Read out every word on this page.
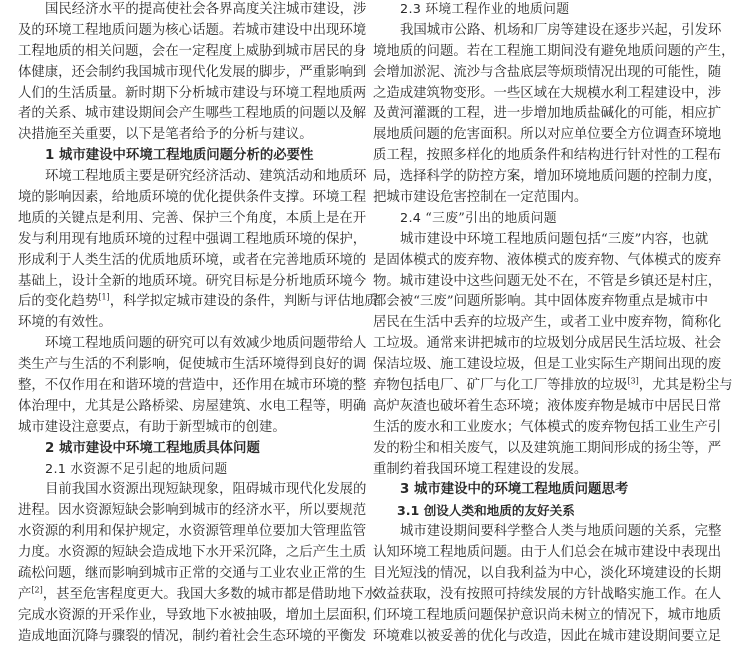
国民经济水平的提高使社会各界高度关注城市建设，涉
及的环境工程地质问题为核心话题。若城市建设中出现环境
工程地质的相关问题，会在一定程度上威胁到城市居民的身
体健康，还会制约我国城市现代化发展的脚步，严重影响到
人们的生活质量。新时期下分析城市建设与环境工程地质两
者的关系、城市建设期间会产生哪些工程地质的问题以及解
决措施至关重要，以下是笔者给予的分析与建议。
1 城市建设中环境工程地质问题分析的必要性
环境工程地质主要是研究经济活动、建筑活动和地质环
境的影响因素，给地质环境的优化提供条件支撑。环境工程
地质的关键点是利用、完善、保护三个角度，本质上是在开
发与利用现有地质环境的过程中强调工程地质环境的保护，
形成利于人类生活的优质地质环境，或者在完善地质环境的
基础上，设计全新的地质环境。研究目标是分析地质环境今
后的变化趋势[1]，科学拟定城市建设的条件，判断与评估地质
环境的有效性。
环境工程地质问题的研究可以有效减少地质问题带给人
类生产与生活的不利影响，促使城市生活环境得到良好的调
整，不仅作用在和谐环境的营造中，还作用在城市环境的整
体治理中，尤其是公路桥梁、房屋建筑、水电工程等，明确
城市建设注意要点，有助于新型城市的创建。
2 城市建设中环境工程地质具体问题
2.1 水资源不足引起的地质问题
目前我国水资源出现短缺现象，阻碍城市现代化发展的
进程。因水资源短缺会影响到城市的经济水平，所以要规范
水资源的利用和保护规定，水资源管理单位要加大管理监管
力度。水资源的短缺会造成地下水开采沉降，之后产生土质
疏松问题，继而影响到城市正常的交通与工业农业正常的生
产[2]，甚至危害程度更大。我国大多数的城市都是借助地下水
完成水资源的开采作业，导致地下水被抽吸，增加土层面积，
造成地面沉降与骤裂的情况，制约着社会生态环境的平衡发
2.3 环境工程作业的地质问题
我国城市公路、机场和厂房等建设在逐步兴起，引发环
境地质的问题。若在工程施工期间没有避免地质问题的产生，
会增加淤泥、流沙与含盐底层等烦琐情况出现的可能性，随
之造成建筑物变形。一些区域在大规模水利工程建设中，涉
及黄河灌溉的工程，进一步增加地质盐碱化的可能，相应扩
展地质问题的危害面积。所以对应单位要全方位调查环境地
质工程，按照多样化的地质条件和结构进行针对性的工程布
局，选择科学的防控方案，增加环境地质问题的控制力度，
把城市建设危害控制在一定范围内。
2.4 “三废”引出的地质问题
城市建设中环境工程地质问题包括“三废”内容，也就
是固体模式的废弃物、液体模式的废弃物、气体模式的废弃
物。城市建设中这些问题无处不在，不管是乡镇还是村庄，
都会被“三废”问题所影响。其中固体废弃物重点是城市中
居民在生活中丢弃的垃圾产生，或者工业中废弃物，简称化
工垃圾。通常来讲把城市的垃圾划分成居民生活垃圾、社会
保洁垃圾、施工建设垃圾，但是工业实际生产期间出现的废
弃物包括电厂、矿厂与化工厂等排放的垃圾[3]，尤其是粉尘与
高炉灰渣也破坏着生态环境；液体废弃物是城市中居民日常
生活的废水和工业废水；气体模式的废弃物包括工业生产引
发的粉尘和相关废气，以及建筑施工期间形成的扬尘等，严
重制约着我国环境工程建设的发展。
3 城市建设中的环境工程地质问题思考
3.1 创设人类和地质的友好关系
城市建设期间要科学整合人类与地质问题的关系，完整
认知环境工程地质问题。由于人们总会在城市建设中表现出
目光短浅的情况，以自我利益为中心，淡化环境建设的长期
效益获取，没有按照可持续发展的方针战略实施工作。在人
们环境工程地质问题保护意识尚未树立的情况下，城市地质
环境难以被妥善的优化与改造，因此在城市建设期间要立足
